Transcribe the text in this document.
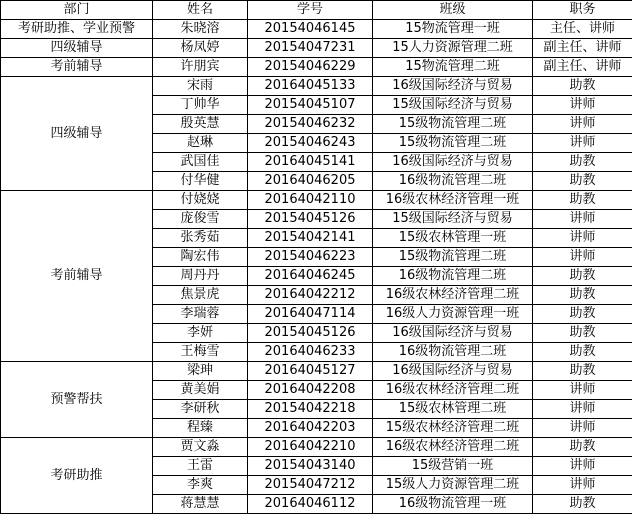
部门	姓名	学号	班级	职务
考研助推、学业预警	朱晓溶	20154046145	15物流管理一班	主任、讲师
四级辅导	杨凤婷	20154047231	15人力资源管理二班	副主任、讲师
考前辅导	许朋宾	20154046229	15物流管理二班	副主任、讲师
四级辅导	宋雨	20164045133	16级国际经济与贸易	助教
	丁帅华	20154045107	15级国际经济与贸易	讲师
	殷英慧	20154046232	15级物流管理二班	讲师
	赵琳	20154046243	15级物流管理二班	讲师
	武国佳	20164045141	16级国际经济与贸易	助教
	付华健	20164046205	16级物流管理二班	助教
考前辅导	付娆娆	20164042110	16级农林经济管理一班	助教
	庞俊雪	20154045126	15级国际经济与贸易	讲师
	张秀茹	20154042141	15级农林管理一班	讲师
	陶宏伟	20154046223	15级物流管理二班	讲师
	周丹丹	20164046245	16级物流管理二班	助教
	焦景虎	20164042212	16级农林经济管理二班	助教
	李瑞蓉	20164047114	16级人力资源管理一班	助教
	李妍	20154045126	16级国际经济与贸易	助教
	王梅雪	20164046233	16级物流管理二班	助教
预警帮扶	梁珅	20164045127	16级国际经济与贸易	助教
	黄美娟	20164042208	16级农林经济管理二班	讲师
	李研秋	20154042218	15级农林管理二班	讲师
	程臻	20164042203	15级农林经济管理二班	讲师
考研助推	贾文淼	20164042210	16级农林经济管理二班	助教
	王雷	20154043140	15级营销一班	讲师
	李爽	20154047212	15级人力资源管理二班	讲师
	蒋慧慧	20164046112	16级物流管理一班	助教
